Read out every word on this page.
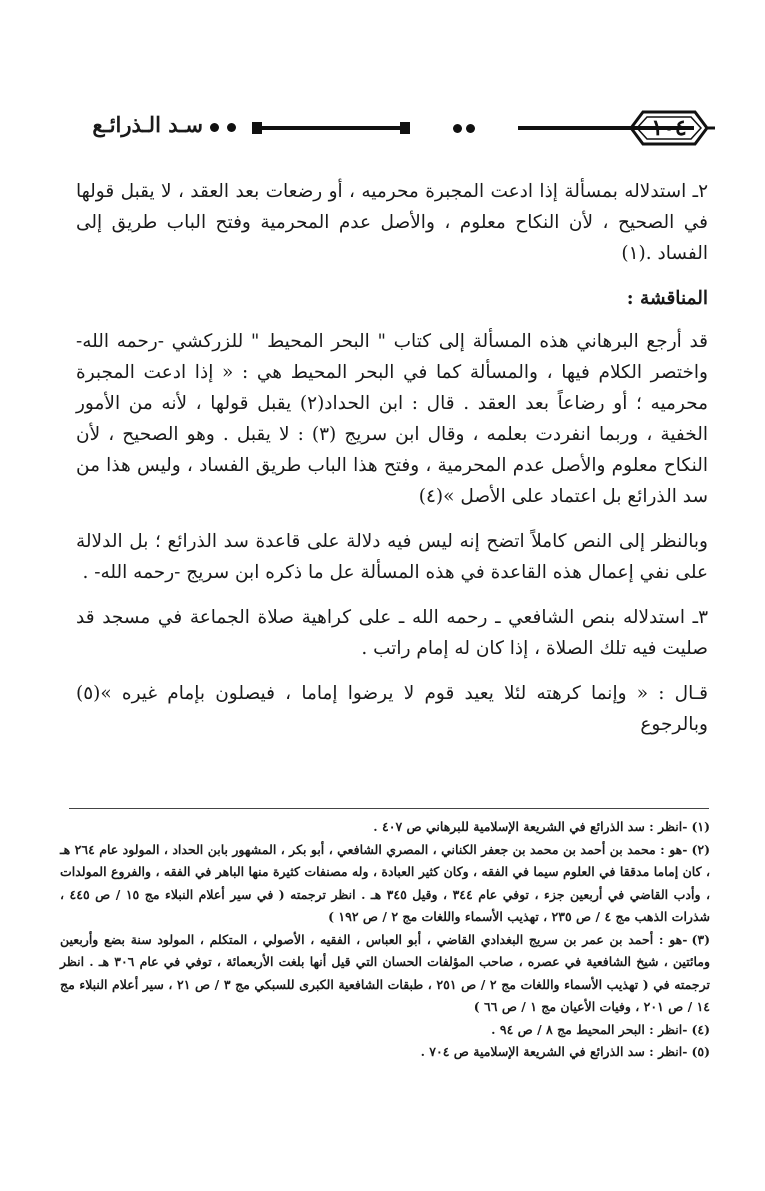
سـد الـذرائـع	١٠٤

٢ـ استدلاله بمسألة إذا ادعت المجبرة محرميه ، أو رضعات بعد العقد ، لا يقبل قولها في الصحيح ، لأن النكاح معلوم ، والأصل عدم المحرمية وفتح الباب طريق إلى الفساد .(١)

المناقشة :

قد أرجع البرهاني هذه المسألة إلى كتاب " البحر المحيط " للزركشي -رحمه الله- واختصر الكلام فيها ، والمسألة كما في البحر المحيط هي : « إذا ادعت المجبرة محرميه ؛ أو رضاعاً بعد العقد . قال : ابن الحداد(٢) يقبل قولها ، لأنه من الأمور الخفية ، وربما انفردت بعلمه ، وقال ابن سريج (٣) : لا يقبل . وهو الصحيح ، لأن النكاح معلوم والأصل عدم المحرمية ، وفتح هذا الباب طريق الفساد ، وليس هذا من سد الذرائع بل اعتماد على الأصل »(٤)

وبالنظر إلى النص كاملاً اتضح إنه ليس فيه دلالة على قاعدة سد الذرائع ؛ بل الدلالة على نفي إعمال هذه القاعدة في هذه المسألة عل ما ذكره ابن سريج -رحمه الله- .

٣ـ استدلاله بنص الشافعي ـ رحمه الله ـ على كراهية صلاة الجماعة في مسجد قد صليت فيه تلك الصلاة ، إذا كان له إمام راتب .

قـال : « وإنما كرهته لئلا يعيد قوم لا يرضوا إماما ، فيصلون بإمام غيره »(٥) وبالرجوع

(١)-انظر : سد الذرائع في الشريعة الإسلامية للبرهاني ص ٤٠٧ .

(٢)-هو : محمد بن أحمد بن محمد بن جعفر الكناني ، المصري الشافعي ، أبو بكر ، المشهور بابن الحداد ، المولود عام ٢٦٤ هـ ، كان إماما مدققا في العلوم سيما في الفقه ، وكان كثير العبادة ، وله مصنفات كثيرة منها الباهر في الفقه ، والفروع المولدات ، وأدب القاضي في أربعين جزء ، توفي عام ٣٤٤ ، وقيل ٣٤٥ هـ . انظر ترجمته ( في سير أعلام النبلاء مج ١٥ / ص ٤٤٥ ، شذرات الذهب مج ٤ / ص ٢٣٥ ، تهذيب الأسماء واللغات مج ٢ / ص ١٩٢ )

(٣)-هو : أحمد بن عمر بن سريج البغدادي القاضي ، أبو العباس ، الفقيه ، الأصولي ، المتكلم ، المولود سنة بضع وأربعين ومائتين ، شيخ الشافعية في عصره ، صاحب المؤلفات الحسان التي قيل أنها بلغت الأربعمائة ، توفي في عام ٣٠٦ هـ . انظر ترجمته في ( تهذيب الأسماء واللغات مج ٢ / ص ٢٥١ ، طبقات الشافعية الكبرى للسبكي مج ٣ / ص ٢١ ، سير أعلام النبلاء مج ١٤ / ص ٢٠١ ، وفيات الأعيان مج ١ / ص ٦٦ )

(٤)-انظر : البحر المحيط مج ٨ / ص ٩٤ .

(٥)-انظر : سد الذرائع في الشريعة الإسلامية ص ٧٠٤ .
